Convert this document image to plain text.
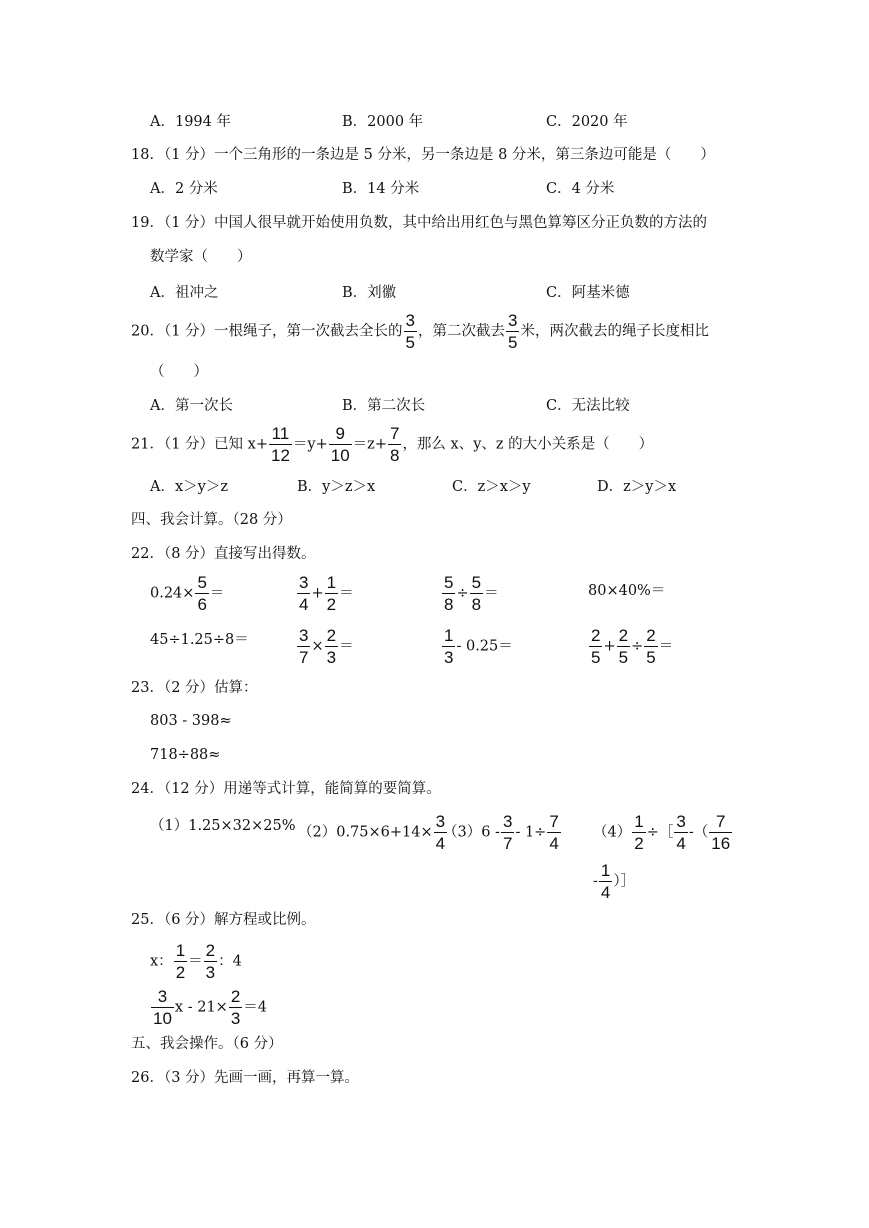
A．1994 年	B．2000 年	C．2020 年
18．（1 分）一个三角形的一条边是 5 分米，另一条边是 8 分米，第三条边可能是（　　）
A．2 分米	B．14 分米	C．4 分米
19．（1 分）中国人很早就开始使用负数，其中给出用红色与黑色算筹区分正负数的方法的
数学家（　　）
A．祖冲之	B．刘徽	C．阿基米德
20．（1 分）一根绳子，第一次截去全长的 $\frac{3}{5}$ ，第二次截去 $\frac{3}{5}$ 米，两次截去的绳子长度相比
（　　）
A．第一次长	B．第二次长	C．无法比较
21．（1 分）已知 $x+ \frac{11}{12} =y+ \frac{9}{10} =z+ \frac{7}{8}$ ，那么 x、y、z 的大小关系是（　　）
A．x＞y＞z	B．y＞z＞x	C．z＞x＞y	D．z＞y＞x
四、我会计算。（28 分）
22．（8 分）直接写出得数。
$0.24\times \frac{5}{6}$ ＝	$\frac{3}{4} + \frac{1}{2}$ ＝	$\frac{5}{8} \div \frac{5}{8}$ ＝	80×40%＝
45÷1.25÷8＝	$\frac{3}{7} \times \frac{2}{3}$ ＝	$\frac{1}{3} - 0.25=$	$\frac{2}{5} + \frac{2}{5} \div \frac{2}{5}$ ＝
23．（2 分）估算：
803 - 398≈
718÷88≈
24．（12 分）用递等式计算，能简算的要简算。
（1）1.25×32×25% $(2)0.75\times 6+14\times \frac{3}{4}$
$(3)6 - \frac{3}{7} - 1\div \frac{7}{4} (4) \frac{1}{2}$ ÷［ $\frac{3}{4}$ -（ $\frac{7}{16}$
- $\frac{1}{4}$ ）］
25．（6 分）解方程或比例。
x： $\frac{1}{2} = \frac{2}{3}$ ：4
$\frac{3}{10}$ $x - 21\times \frac{2}{3} =4$
五、我会操作。（6 分）
26．（3 分）先画一画，再算一算。
